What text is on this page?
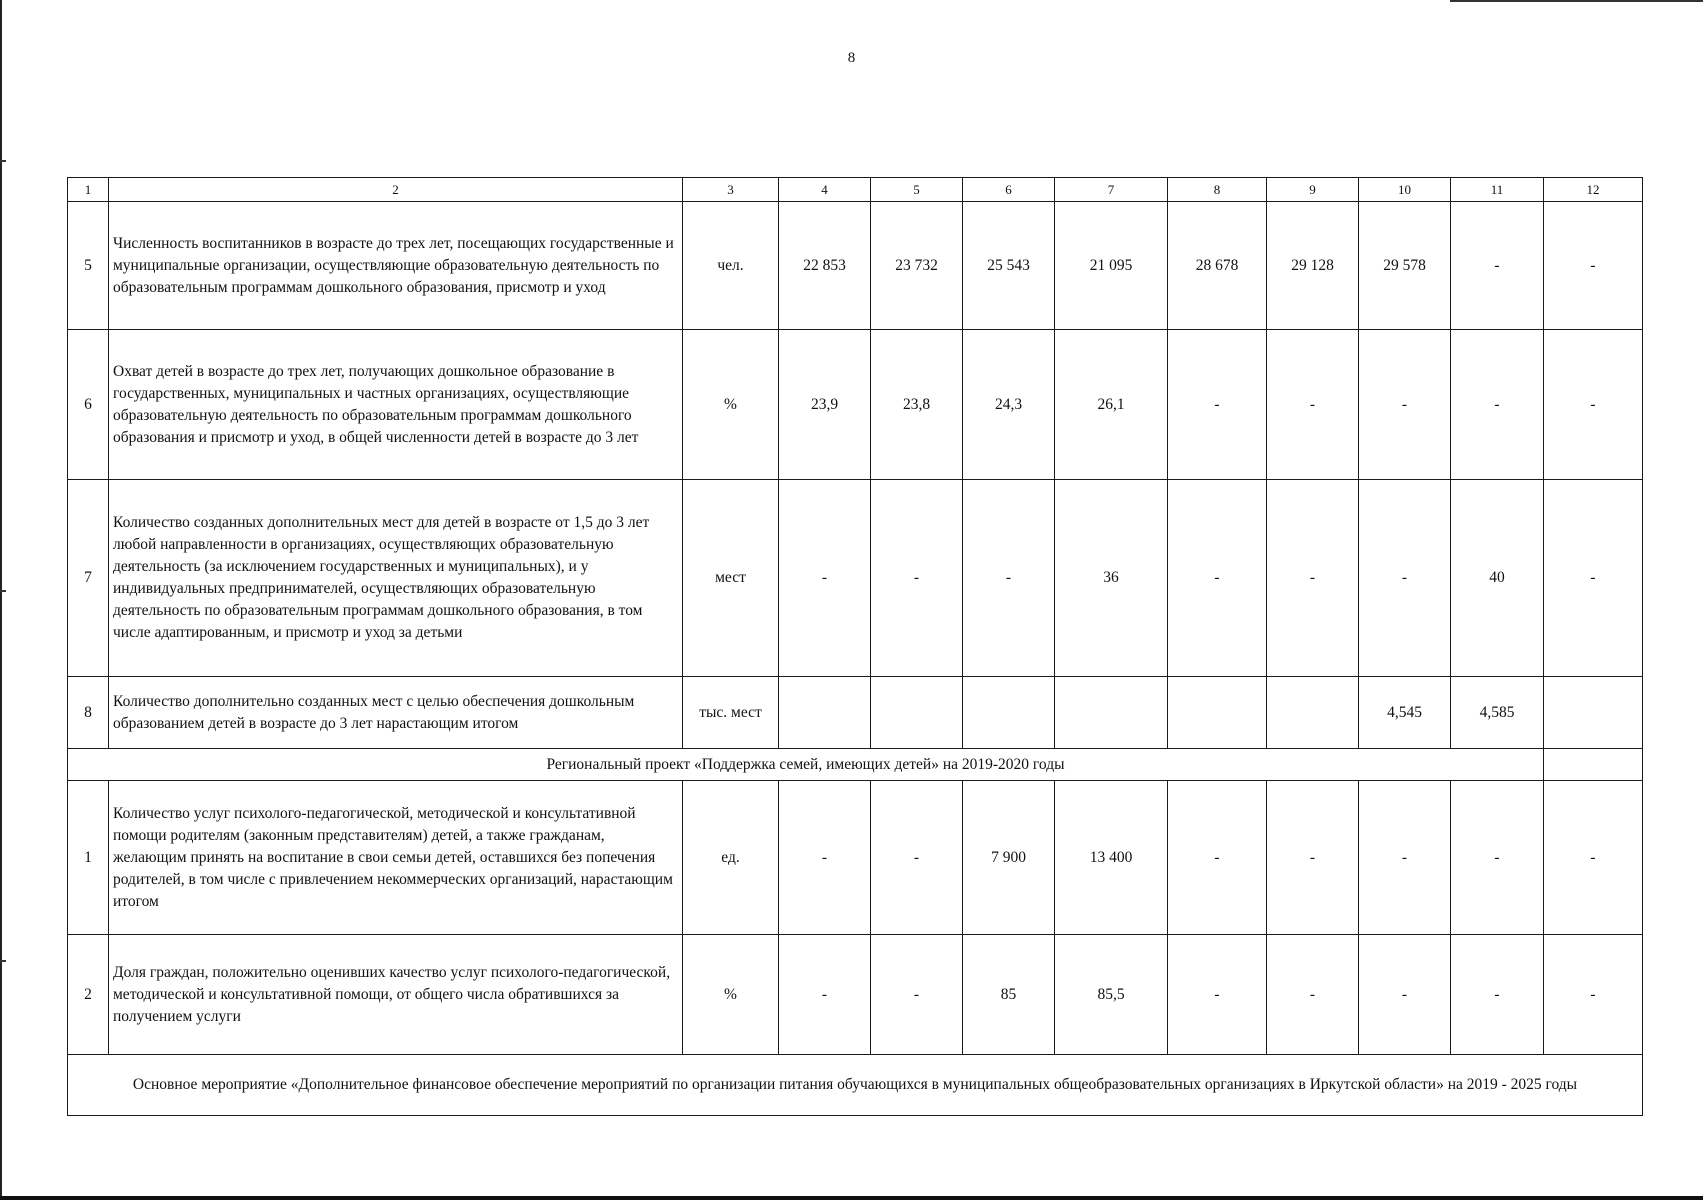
8
1	2	3	4	5	6	7	8	9	10	11	12
5	Численность воспитанников в возрасте до трех лет, посещающих государственные и муниципальные организации, осуществляющие образовательную деятельность по образовательным программам дошкольного образования, присмотр и уход	чел.	22 853	23 732	25 543	21 095	28 678	29 128	29 578	-	-
6	Охват детей в возрасте до трех лет, получающих дошкольное образование в государственных, муниципальных и частных организациях, осуществляющие образовательную деятельность по образовательным программам дошкольного образования и присмотр и уход, в общей численности детей в возрасте до 3 лет	%	23,9	23,8	24,3	26,1	-	-	-	-	-
7	Количество созданных дополнительных мест для детей в возрасте от 1,5 до 3 лет любой направленности в организациях, осуществляющих образовательную деятельность (за исключением государственных и муниципальных), и у индивидуальных предпринимателей, осуществляющих образовательную деятельность по образовательным программам дошкольного образования, в том числе адаптированным, и присмотр и уход за детьми	мест	-	-	-	36	-	-	-	40	-
8	Количество дополнительно созданных мест с целью обеспечения дошкольным образованием детей в возрасте до 3 лет нарастающим итогом	тыс. мест							4,545	4,585	
Региональный проект «Поддержка семей, имеющих детей» на 2019-2020 годы											
1	Количество услуг психолого-педагогической, методической и консультативной помощи родителям (законным представителям) детей, а также гражданам, желающим принять на воспитание в свои семьи детей, оставшихся без попечения родителей, в том числе с привлечением некоммерческих организаций, нарастающим итогом	ед.	-	-	7 900	13 400	-	-	-	-	-
2	Доля граждан, положительно оценивших качество услуг психолого-педагогической, методической и консультативной помощи, от общего числа обратившихся за получением услуги	%	-	-	85	85,5	-	-	-	-	-
Основное мероприятие «Дополнительное финансовое обеспечение мероприятий по организации питания обучающихся в муниципальных общеобразовательных организациях в Иркутской области» на 2019 - 2025 годы											
